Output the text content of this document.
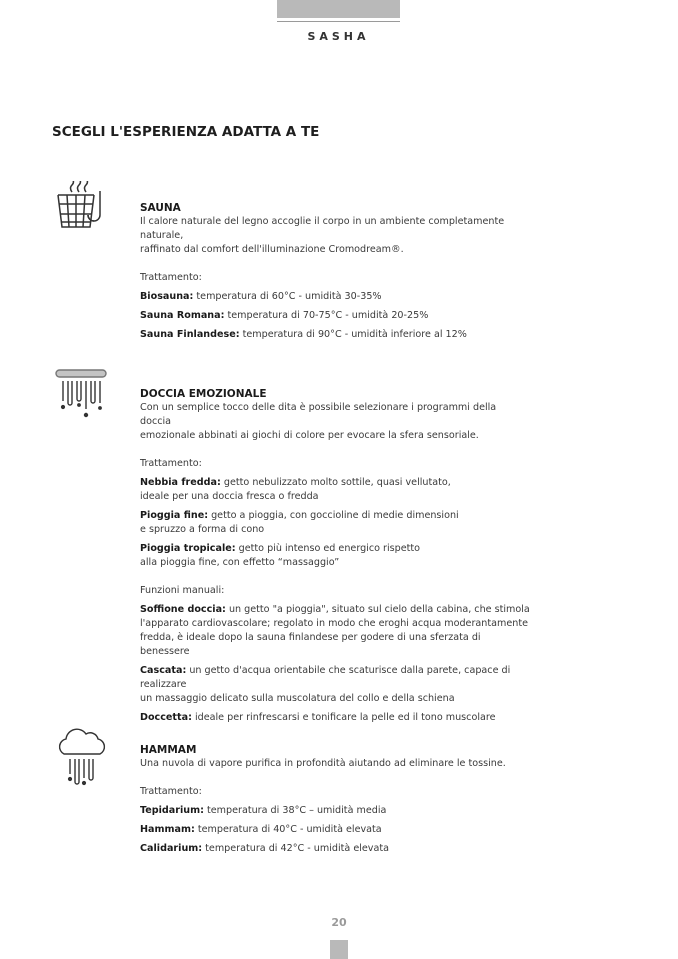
SASHA
SCEGLI L'ESPERIENZA ADATTA A TE
SAUNA
Il calore naturale del legno accoglie il corpo in un ambiente completamente naturale,
raffinato dal comfort dell'illuminazione Cromodream®.
Trattamento:
Biosauna: temperatura di 60°C - umidità 30-35%
Sauna Romana: temperatura di 70-75°C - umidità 20-25%
Sauna Finlandese: temperatura di 90°C - umidità inferiore al 12%
DOCCIA EMOZIONALE
Con un semplice tocco delle dita è possibile selezionare i programmi della doccia
emozionale abbinati ai giochi di colore per evocare la sfera sensoriale.
Trattamento:
Nebbia fredda: getto nebulizzato molto sottile, quasi vellutato,
ideale per una doccia fresca o fredda
Pioggia fine: getto a pioggia, con goccioline di medie dimensioni
e spruzzo a forma di cono
Pioggia tropicale: getto più intenso ed energico rispetto
alla pioggia fine, con effetto “massaggio”
Funzioni manuali:
Soffione doccia: un getto "a pioggia", situato sul cielo della cabina, che stimola
l'apparato cardiovascolare; regolato in modo che eroghi acqua moderantamente
fredda, è ideale dopo la sauna finlandese per godere di una sferzata di benessere
Cascata: un getto d'acqua orientabile che scaturisce dalla parete, capace di realizzare
un massaggio delicato sulla muscolatura del collo e della schiena
Doccetta: ideale per rinfrescarsi e tonificare la pelle ed il tono muscolare
HAMMAM
Una nuvola di vapore purifica in profondità aiutando ad eliminare le tossine.
Trattamento:
Tepidarium: temperatura di 38°C – umidità media
Hammam: temperatura di 40°C - umidità elevata
Calidarium: temperatura di 42°C - umidità elevata
20
